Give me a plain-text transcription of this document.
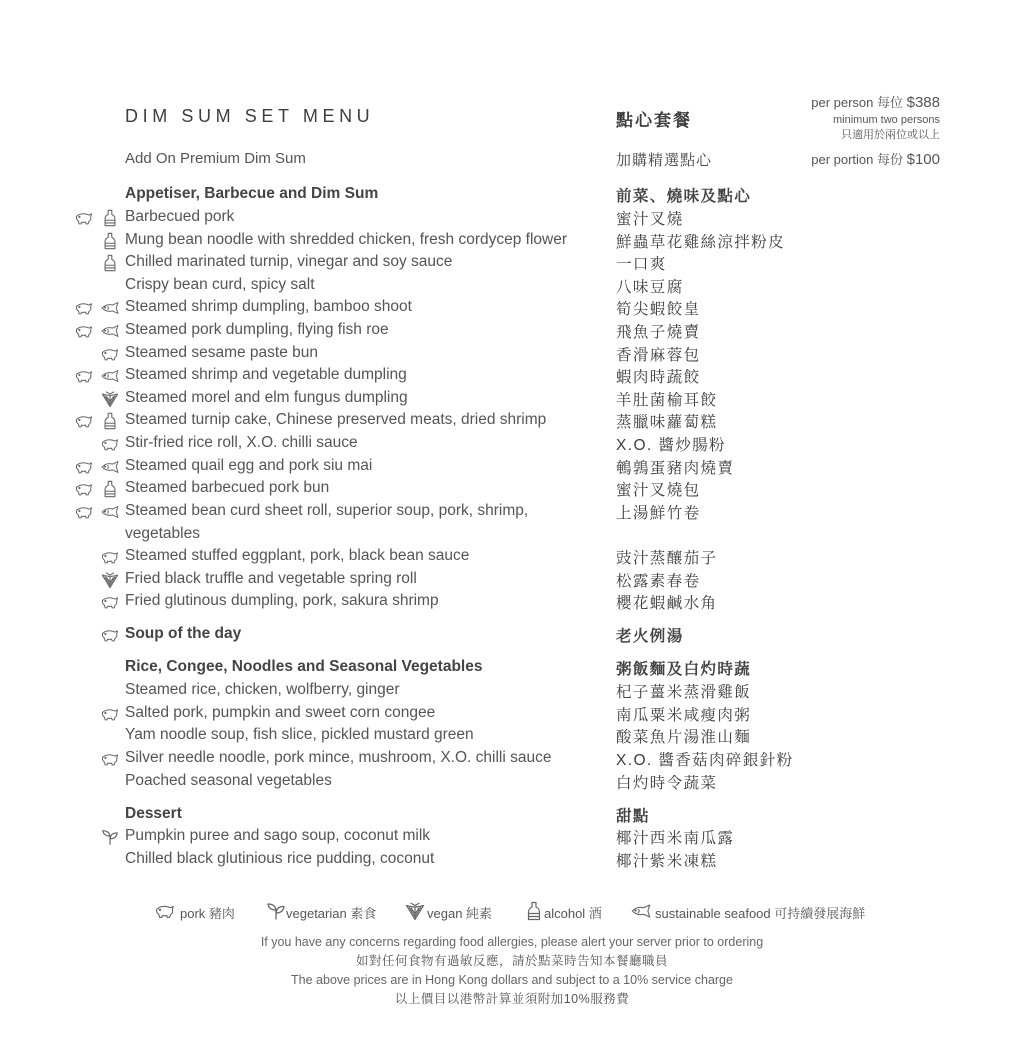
DIM SUM SET MENU	點心套餐
per person 每位 $388
minimum two persons
只適用於兩位或以上
Add On Premium Dim Sum	加購精選點心	per portion 每份 $100
Appetiser, Barbecue and Dim Sum	前菜、燒味及點心
Barbecued pork	蜜汁叉燒
Mung bean noodle with shredded chicken, fresh cordycep flower	鮮蟲草花雞絲涼拌粉皮
Chilled marinated turnip, vinegar and soy sauce	一口爽
Crispy bean curd, spicy salt	八味豆腐
Steamed shrimp dumpling, bamboo shoot	筍尖蝦餃皇
Steamed pork dumpling, flying fish roe	飛魚子燒賣
Steamed sesame paste bun	香滑麻蓉包
Steamed shrimp and vegetable dumpling	蝦肉時蔬餃
Steamed morel and elm fungus dumpling	羊肚菌榆耳餃
Steamed turnip cake, Chinese preserved meats, dried shrimp	蒸臘味蘿蔔糕
Stir-fried rice roll, X.O. chilli sauce	X.O. 醬炒腸粉
Steamed quail egg and pork siu mai	鵪鶉蛋豬肉燒賣
Steamed barbecued pork bun	蜜汁叉燒包
Steamed bean curd sheet roll, superior soup, pork, shrimp,	上湯鮮竹卷
vegetables
Steamed stuffed eggplant, pork, black bean sauce	豉汁蒸釀茄子
Fried black truffle and vegetable spring roll	松露素春卷
Fried glutinous dumpling, pork, sakura shrimp	櫻花蝦鹹水角
Soup of the day	老火例湯
Rice, Congee, Noodles and Seasonal Vegetables	粥飯麵及白灼時蔬
Steamed rice, chicken, wolfberry, ginger	杞子薑米蒸滑雞飯
Salted pork, pumpkin and sweet corn congee	南瓜粟米咸瘦肉粥
Yam noodle soup, fish slice, pickled mustard green	酸菜魚片湯淮山麵
Silver needle noodle, pork mince, mushroom, X.O. chilli sauce	X.O. 醬香菇肉碎銀針粉
Poached seasonal vegetables	白灼時令蔬菜
Dessert	甜點
Pumpkin puree and sago soup, coconut milk	椰汁西米南瓜露
Chilled black glutinious rice pudding, coconut	椰汁紫米凍糕
pork 豬肉	vegetarian 素食	vegan 純素	alcohol 酒	sustainable seafood 可持續發展海鮮
If you have any concerns regarding food allergies, please alert your server prior to ordering
如對任何食物有過敏反應，請於點菜時告知本餐廳職員
The above prices are in Hong Kong dollars and subject to a 10% service charge
以上價目以港幣計算並須附加10%服務費
